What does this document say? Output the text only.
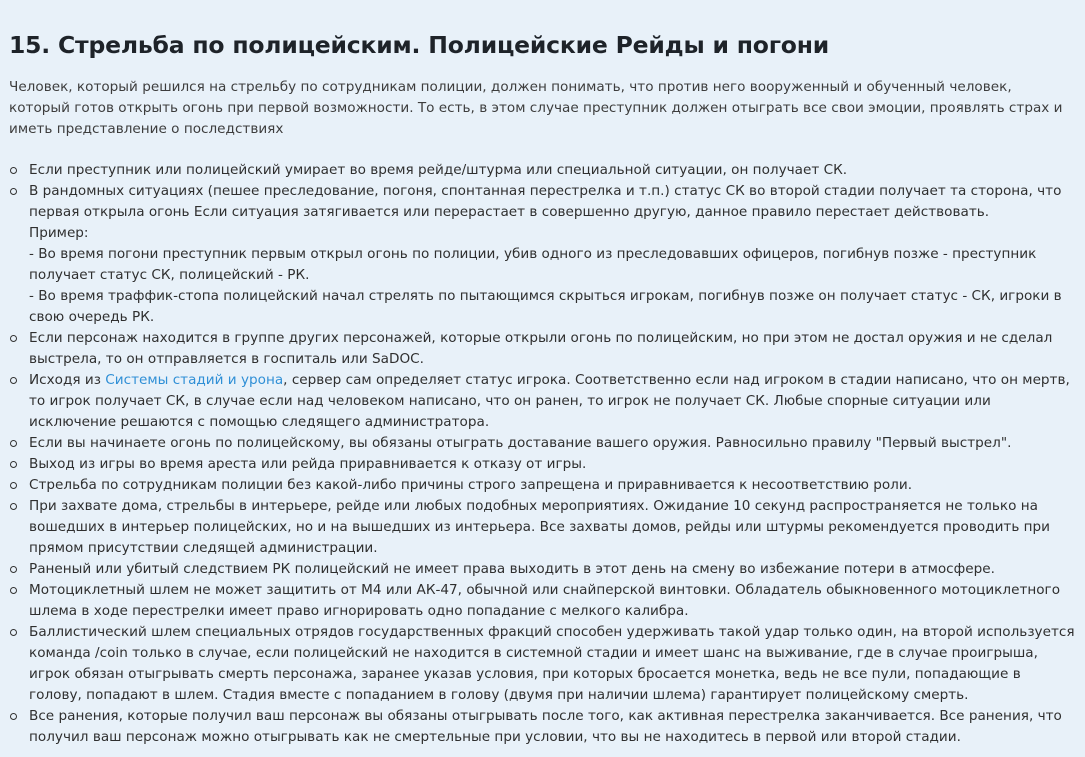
15. Стрельба по полицейским. Полицейские Рейды и погони

Человек, который решился на стрельбу по сотрудникам полиции, должен понимать, что против него вооруженный и обученный человек, который готов открыть огонь при первой возможности. То есть, в этом случае преступник должен отыграть все свои эмоции, проявлять страх и иметь представление о последствиях

Если преступник или полицейский умирает во время рейде/штурма или специальной ситуации, он получает СК.
В рандомных ситуациях (пешее преследование, погоня, спонтанная перестрелка и т.п.) статус СК во второй стадии получает та сторона, что первая открыла огонь Если ситуация затягивается или перерастает в совершенно другую, данное правило перестает действовать.
Пример:
- Во время погони преступник первым открыл огонь по полиции, убив одного из преследовавших офицеров, погибнув позже - преступник получает статус СК, полицейский - РК.
- Во время траффик-стопа полицейский начал стрелять по пытающимся скрыться игрокам, погибнув позже он получает статус - СК, игроки в свою очередь РК.
Если персонаж находится в группе других персонажей, которые открыли огонь по полицейским, но при этом не достал оружия и не сделал выстрела, то он отправляется в госпиталь или SaDOC.
Исходя из Системы стадий и урона, сервер сам определяет статус игрока. Соответственно если над игроком в стадии написано, что он мертв, то игрок получает СК, в случае если над человеком написано, что он ранен, то игрок не получает СК. Любые спорные ситуации или исключение решаются с помощью следящего администратора.
Если вы начинаете огонь по полицейскому, вы обязаны отыграть доставание вашего оружия. Равносильно правилу "Первый выстрел".
Выход из игры во время ареста или рейда приравнивается к отказу от игры.
Стрельба по сотрудникам полиции без какой-либо причины строго запрещена и приравнивается к несоответствию роли.
При захвате дома, стрельбы в интерьере, рейде или любых подобных мероприятиях. Ожидание 10 секунд распространяется не только на вошедших в интерьер полицейских, но и на вышедших из интерьера. Все захваты домов, рейды или штурмы рекомендуется проводить при прямом присутствии следящей администрации.
Раненый или убитый следствием РК полицейский не имеет права выходить в этот день на смену во избежание потери в атмосфере.
Мотоциклетный шлем не может защитить от М4 или АК-47, обычной или снайперской винтовки. Обладатель обыкновенного мотоциклетного шлема в ходе перестрелки имеет право игнорировать одно попадание с мелкого калибра.
Баллистический шлем специальных отрядов государственных фракций способен удерживать такой удар только один, на второй используется команда /coin только в случае, если полицейский не находится в системной стадии и имеет шанс на выживание, где в случае проигрыша, игрок обязан отыгрывать смерть персонажа, заранее указав условия, при которых бросается монетка, ведь не все пули, попадающие в голову, попадают в шлем. Стадия вместе с попаданием в голову (двумя при наличии шлема) гарантирует полицейскому смерть.
Все ранения, которые получил ваш персонаж вы обязаны отыгрывать после того, как активная перестрелка заканчивается. Все ранения, что получил ваш персонаж можно отыгрывать как не смертельные при условии, что вы не находитесь в первой или второй стадии.
